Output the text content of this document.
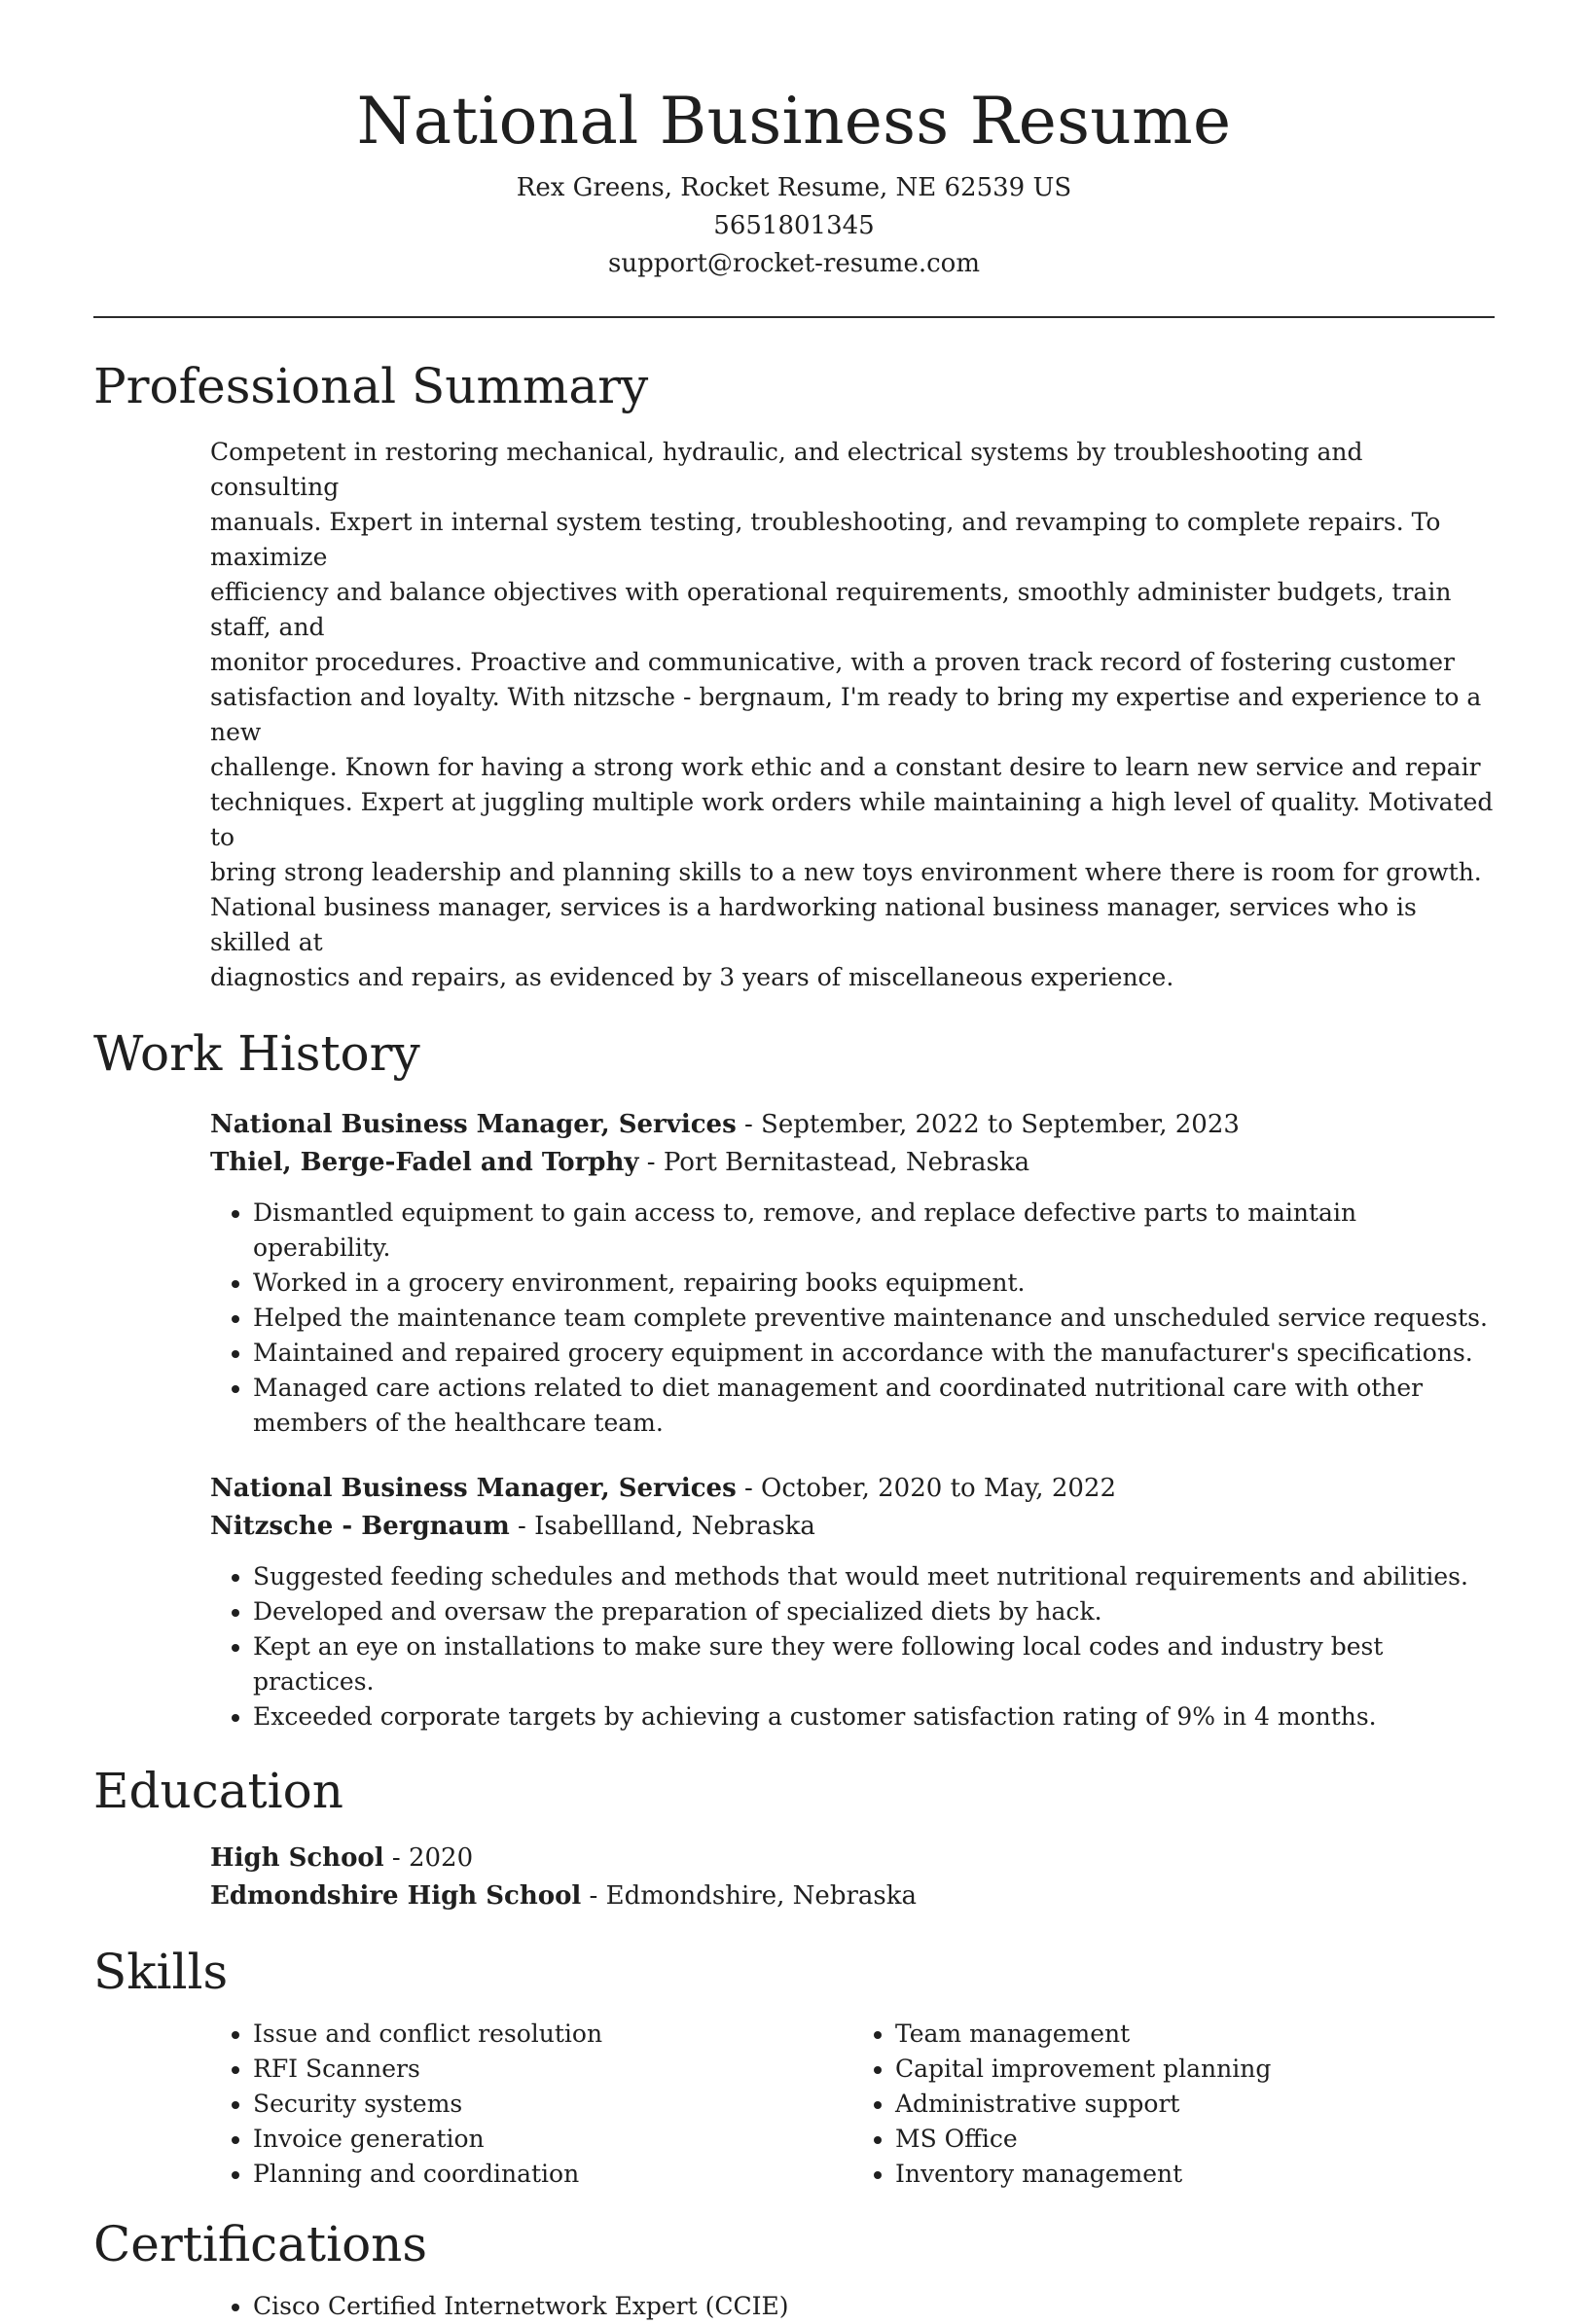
National Business Resume
Rex Greens, Rocket Resume, NE 62539 US
5651801345
support@rocket-resume.com
Professional Summary

Competent in restoring mechanical, hydraulic, and electrical systems by troubleshooting and consulting
manuals. Expert in internal system testing, troubleshooting, and revamping to complete repairs. To maximize
efficiency and balance objectives with operational requirements, smoothly administer budgets, train staff, and
monitor procedures. Proactive and communicative, with a proven track record of fostering customer
satisfaction and loyalty. With nitzsche - bergnaum, I'm ready to bring my expertise and experience to a new
challenge. Known for having a strong work ethic and a constant desire to learn new service and repair
techniques. Expert at juggling multiple work orders while maintaining a high level of quality. Motivated to
bring strong leadership and planning skills to a new toys environment where there is room for growth.
National business manager, services is a hardworking national business manager, services who is skilled at
diagnostics and repairs, as evidenced by 3 years of miscellaneous experience.

Work History
National Business Manager, Services - September, 2022 to September, 2023
Thiel, Berge-Fadel and Torphy - Port Bernitastead, Nebraska
• Dismantled equipment to gain access to, remove, and replace defective parts to maintain operability.
• Worked in a grocery environment, repairing books equipment.
• Helped the maintenance team complete preventive maintenance and unscheduled service requests.
• Maintained and repaired grocery equipment in accordance with the manufacturer's specifications.
• Managed care actions related to diet management and coordinated nutritional care with other members of the healthcare team.
National Business Manager, Services - October, 2020 to May, 2022
Nitzsche - Bergnaum - Isabellland, Nebraska
• Suggested feeding schedules and methods that would meet nutritional requirements and abilities.
• Developed and oversaw the preparation of specialized diets by hack.
• Kept an eye on installations to make sure they were following local codes and industry best practices.
• Exceeded corporate targets by achieving a customer satisfaction rating of 9% in 4 months.
Education
High School - 2020
Edmondshire High School - Edmondshire, Nebraska
Skills
• Issue and conflict resolution
• RFI Scanners
• Security systems
• Invoice generation
• Planning and coordination
• Team management
• Capital improvement planning
• Administrative support
• MS Office
• Inventory management
Certifications
• Cisco Certified Internetwork Expert (CCIE)
